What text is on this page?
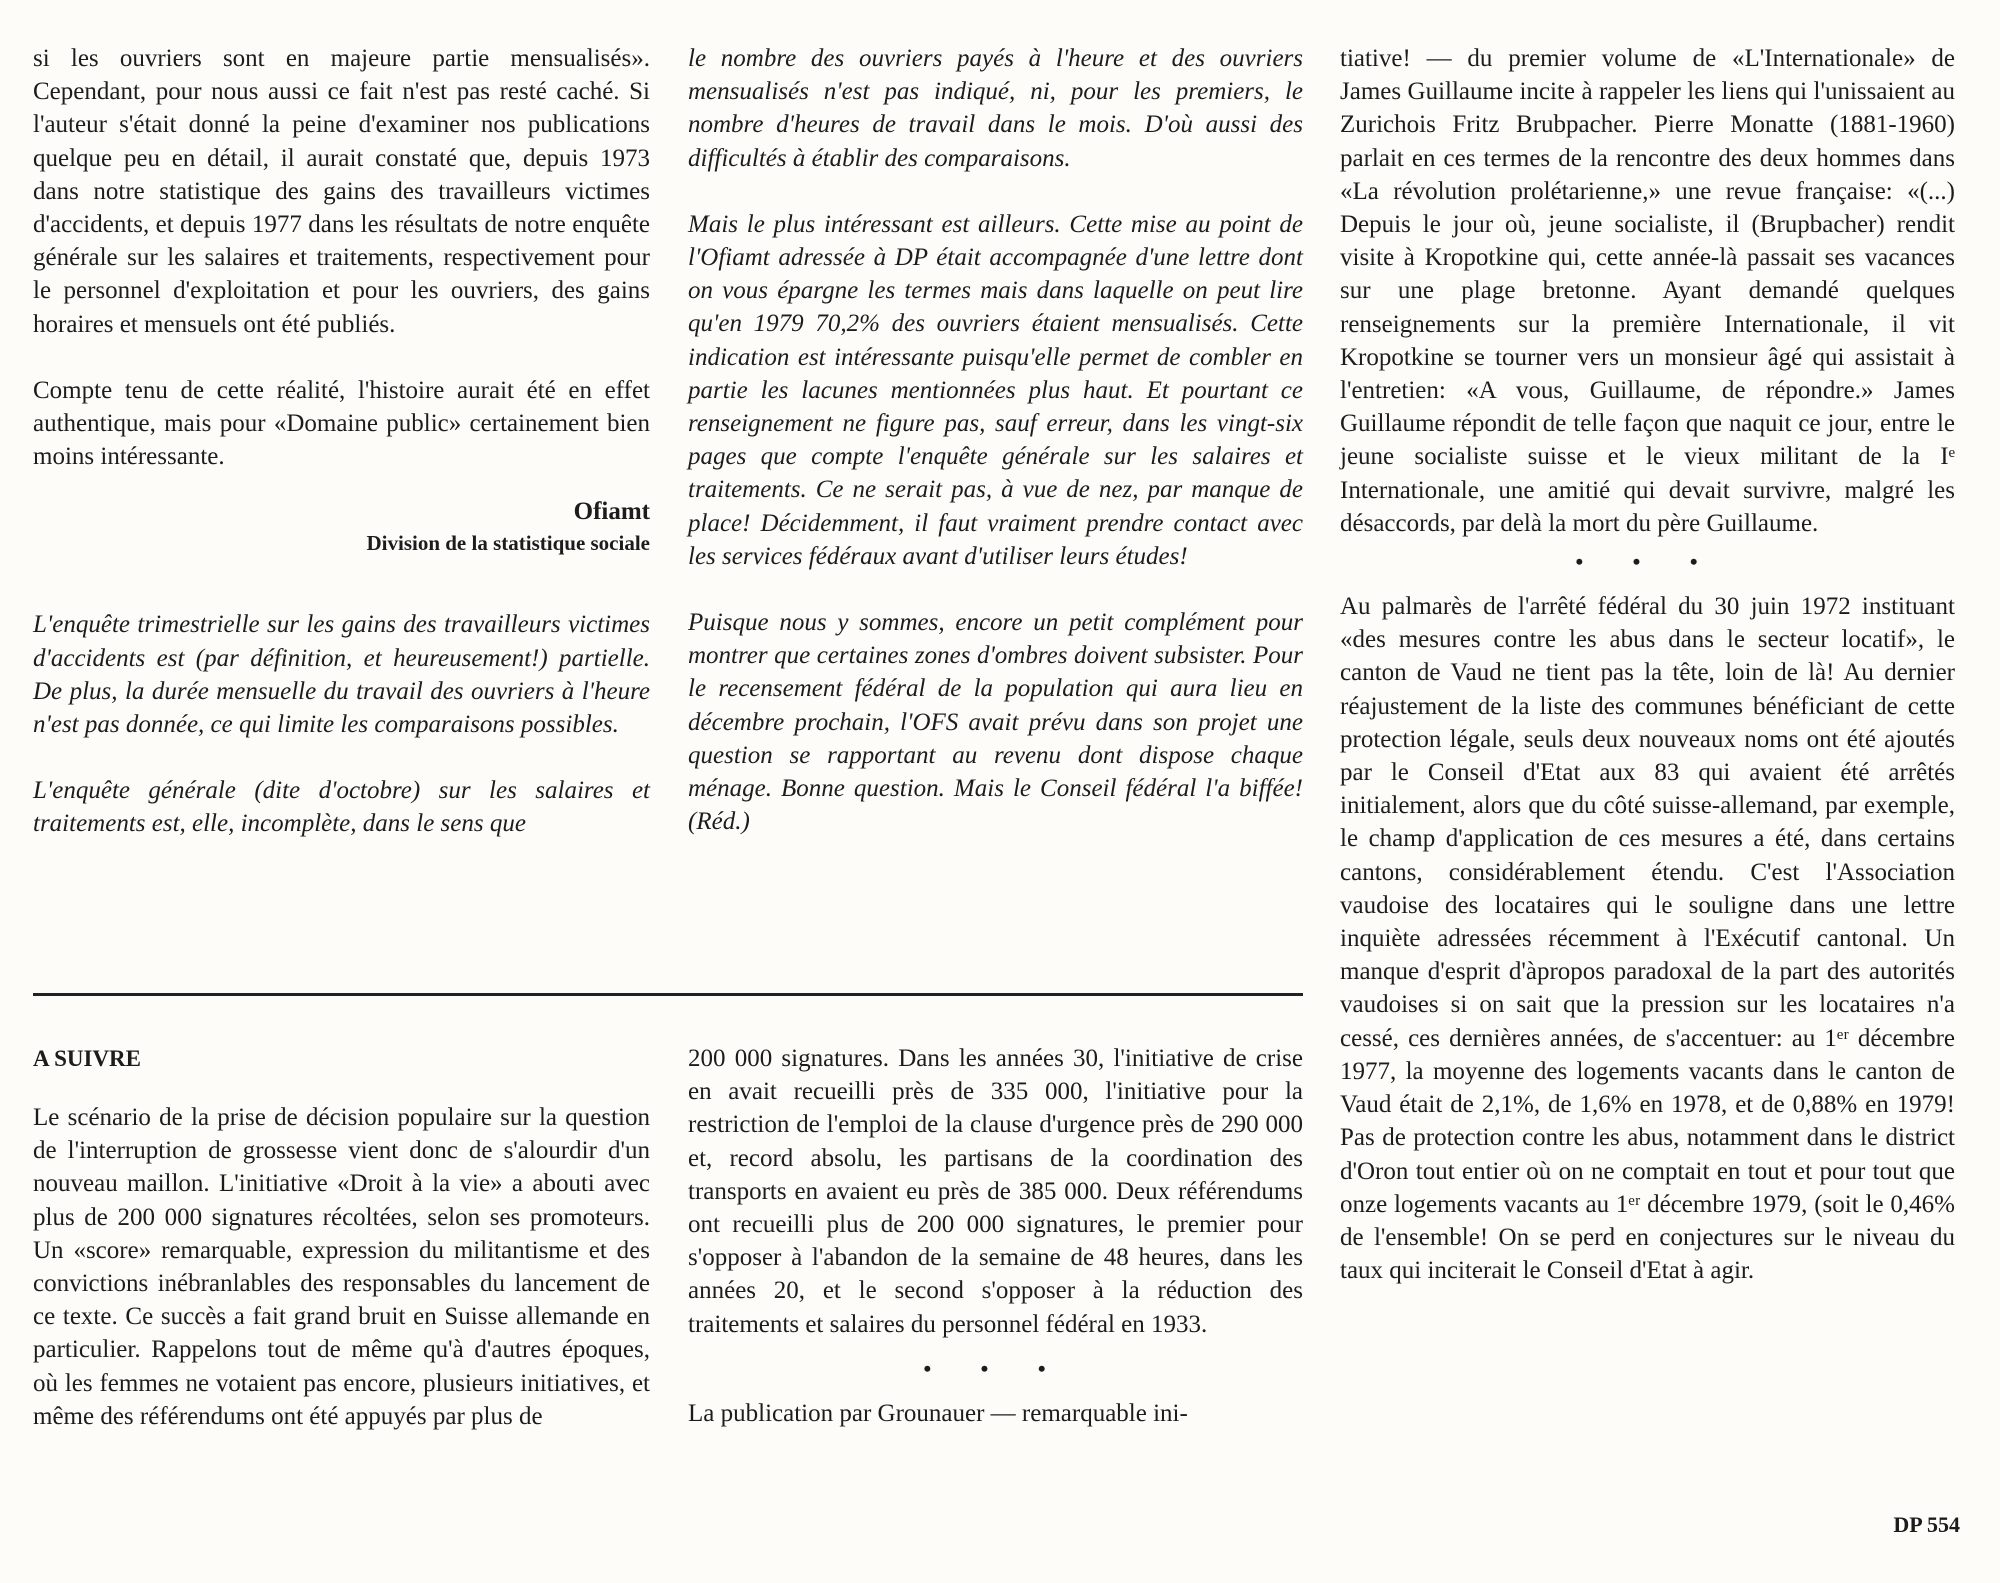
si les ouvriers sont en majeure partie mensualisés». Cependant, pour nous aussi ce fait n'est pas resté caché. Si l'auteur s'était donné la peine d'examiner nos publications quelque peu en détail, il aurait constaté que, depuis 1973 dans notre statistique des gains des travailleurs victimes d'accidents, et depuis 1977 dans les résultats de notre enquête générale sur les salaires et traitements, respectivement pour le personnel d'exploitation et pour les ouvriers, des gains horaires et mensuels ont été publiés.

Compte tenu de cette réalité, l'histoire aurait été en effet authentique, mais pour «Domaine public» certainement bien moins intéressante.

Ofiamt
Division de la statistique sociale

L'enquête trimestrielle sur les gains des travailleurs victimes d'accidents est (par définition, et heureusement!) partielle. De plus, la durée mensuelle du travail des ouvriers à l'heure n'est pas donnée, ce qui limite les comparaisons possibles.

L'enquête générale (dite d'octobre) sur les salaires et traitements est, elle, incomplète, dans le sens que

le nombre des ouvriers payés à l'heure et des ouvriers mensualisés n'est pas indiqué, ni, pour les premiers, le nombre d'heures de travail dans le mois. D'où aussi des difficultés à établir des comparaisons.

Mais le plus intéressant est ailleurs. Cette mise au point de l'Ofiamt adressée à DP était accompagnée d'une lettre dont on vous épargne les termes mais dans laquelle on peut lire qu'en 1979 70,2% des ouvriers étaient mensualisés. Cette indication est intéressante puisqu'elle permet de combler en partie les lacunes mentionnées plus haut. Et pourtant ce renseignement ne figure pas, sauf erreur, dans les vingt-six pages que compte l'enquête générale sur les salaires et traitements. Ce ne serait pas, à vue de nez, par manque de place! Décidemment, il faut vraiment prendre contact avec les services fédéraux avant d'utiliser leurs études!

Puisque nous y sommes, encore un petit complément pour montrer que certaines zones d'ombres doivent subsister. Pour le recensement fédéral de la population qui aura lieu en décembre prochain, l'OFS avait prévu dans son projet une question se rapportant au revenu dont dispose chaque ménage. Bonne question. Mais le Conseil fédéral l'a biffée! (Réd.)

A SUIVRE

Le scénario de la prise de décision populaire sur la question de l'interruption de grossesse vient donc de s'alourdir d'un nouveau maillon. L'initiative «Droit à la vie» a abouti avec plus de 200 000 signatures récoltées, selon ses promoteurs. Un «score» remarquable, expression du militantisme et des convictions inébranlables des responsables du lancement de ce texte. Ce succès a fait grand bruit en Suisse allemande en particulier. Rappelons tout de même qu'à d'autres époques, où les femmes ne votaient pas encore, plusieurs initiatives, et même des référendums ont été appuyés par plus de

200 000 signatures. Dans les années 30, l'initiative de crise en avait recueilli près de 335 000, l'initiative pour la restriction de l'emploi de la clause d'urgence près de 290 000 et, record absolu, les partisans de la coordination des transports en avaient eu près de 385 000. Deux référendums ont recueilli plus de 200 000 signatures, le premier pour s'opposer à l'abandon de la semaine de 48 heures, dans les années 20, et le second s'opposer à la réduction des traitements et salaires du personnel fédéral en 1933.

• • •

La publication par Grounauer — remarquable ini-

tiative! — du premier volume de «L'Internationale» de James Guillaume incite à rappeler les liens qui l'unissaient au Zurichois Fritz Brubpacher. Pierre Monatte (1881-1960) parlait en ces termes de la rencontre des deux hommes dans «La révolution prolétarienne,» une revue française: «(...) Depuis le jour où, jeune socialiste, il (Brupbacher) rendit visite à Kropotkine qui, cette année-là passait ses vacances sur une plage bretonne. Ayant demandé quelques renseignements sur la première Internationale, il vit Kropotkine se tourner vers un monsieur âgé qui assistait à l'entretien: «A vous, Guillaume, de répondre.» James Guillaume répondit de telle façon que naquit ce jour, entre le jeune socialiste suisse et le vieux militant de la Iᵉ Internationale, une amitié qui devait survivre, malgré les désaccords, par delà la mort du père Guillaume.

• • •

Au palmarès de l'arrêté fédéral du 30 juin 1972 instituant «des mesures contre les abus dans le secteur locatif», le canton de Vaud ne tient pas la tête, loin de là! Au dernier réajustement de la liste des communes bénéficiant de cette protection légale, seuls deux nouveaux noms ont été ajoutés par le Conseil d'Etat aux 83 qui avaient été arrêtés initialement, alors que du côté suisse-allemand, par exemple, le champ d'application de ces mesures a été, dans certains cantons, considérablement étendu. C'est l'Association vaudoise des locataires qui le souligne dans une lettre inquiète adressées récemment à l'Exécutif cantonal. Un manque d'esprit d'àpropos paradoxal de la part des autorités vaudoises si on sait que la pression sur les locataires n'a cessé, ces dernières années, de s'accentuer: au 1ᵉʳ décembre 1977, la moyenne des logements vacants dans le canton de Vaud était de 2,1%, de 1,6% en 1978, et de 0,88% en 1979! Pas de protection contre les abus, notamment dans le district d'Oron tout entier où on ne comptait en tout et pour tout que onze logements vacants au 1ᵉʳ décembre 1979, (soit le 0,46% de l'ensemble! On se perd en conjectures sur le niveau du taux qui inciterait le Conseil d'Etat à agir.

DP 554
